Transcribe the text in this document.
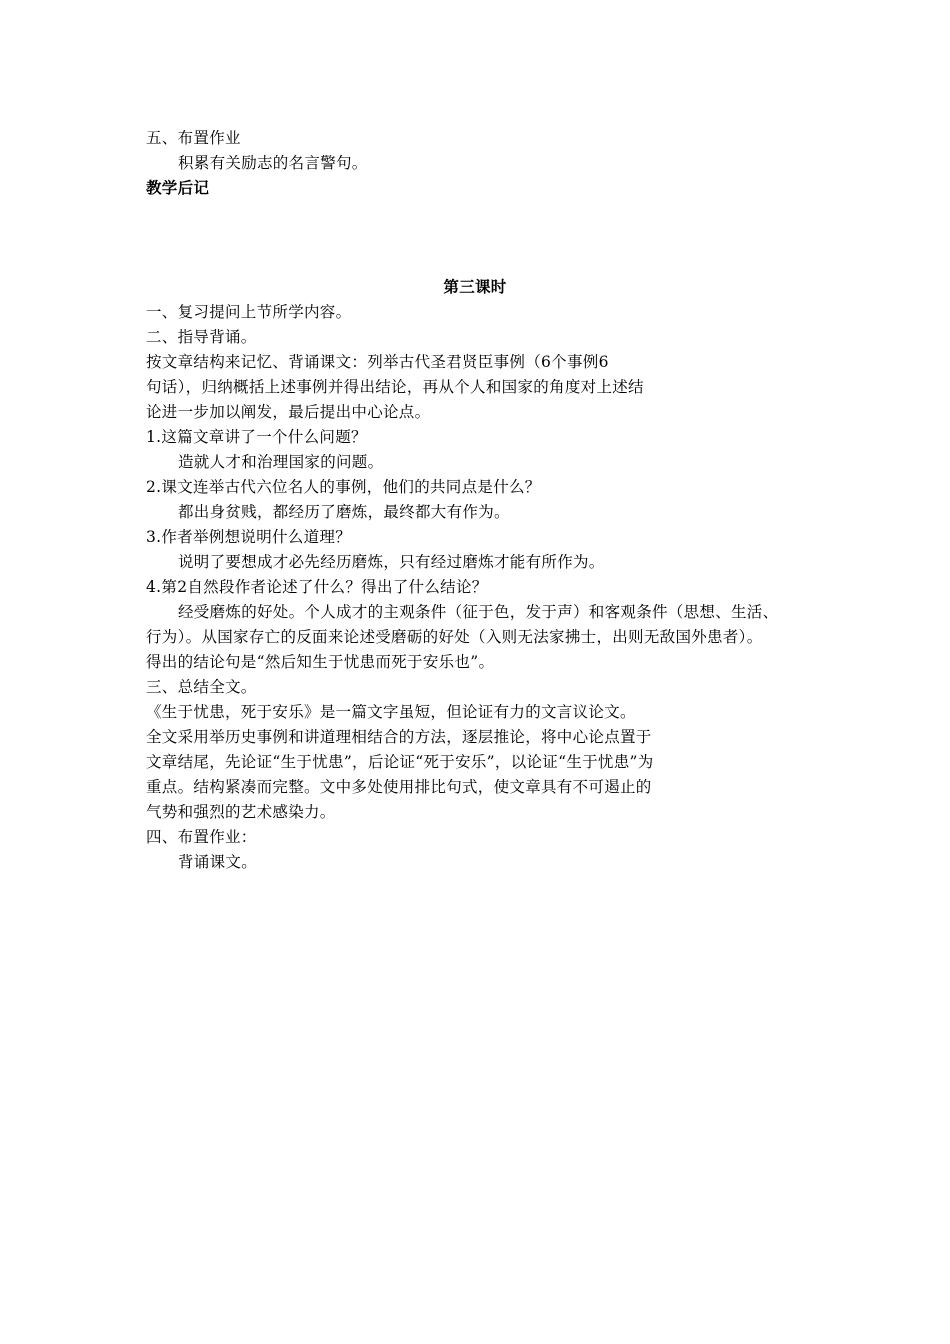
五、布置作业
积累有关励志的名言警句。
教学后记
第三课时
一、复习提问上节所学内容。
二、指导背诵。
按文章结构来记忆、背诵课文：列举古代圣君贤臣事例（6个事例6
句话），归纳概括上述事例并得出结论，再从个人和国家的角度对上述结
论进一步加以阐发，最后提出中心论点。
1.这篇文章讲了一个什么问题？
造就人才和治理国家的问题。
2.课文连举古代六位名人的事例，他们的共同点是什么？
都出身贫贱，都经历了磨炼，最终都大有作为。
3.作者举例想说明什么道理？
说明了要想成才必先经历磨炼，只有经过磨炼才能有所作为。
4.第2自然段作者论述了什么？得出了什么结论？
经受磨炼的好处。个人成才的主观条件（征于色，发于声）和客观条件（思想、生活、
行为）。从国家存亡的反面来论述受磨砺的好处（入则无法家拂士，出则无敌国外患者）。
得出的结论句是“然后知生于忧患而死于安乐也”。
三、总结全文。
《生于忧患，死于安乐》是一篇文字虽短，但论证有力的文言议论文。
全文采用举历史事例和讲道理相结合的方法，逐层推论，将中心论点置于
文章结尾，先论证“生于忧患”，后论证“死于安乐”，以论证“生于忧患”为
重点。结构紧凑而完整。文中多处使用排比句式，使文章具有不可遏止的
气势和强烈的艺术感染力。
四、布置作业：
背诵课文。
